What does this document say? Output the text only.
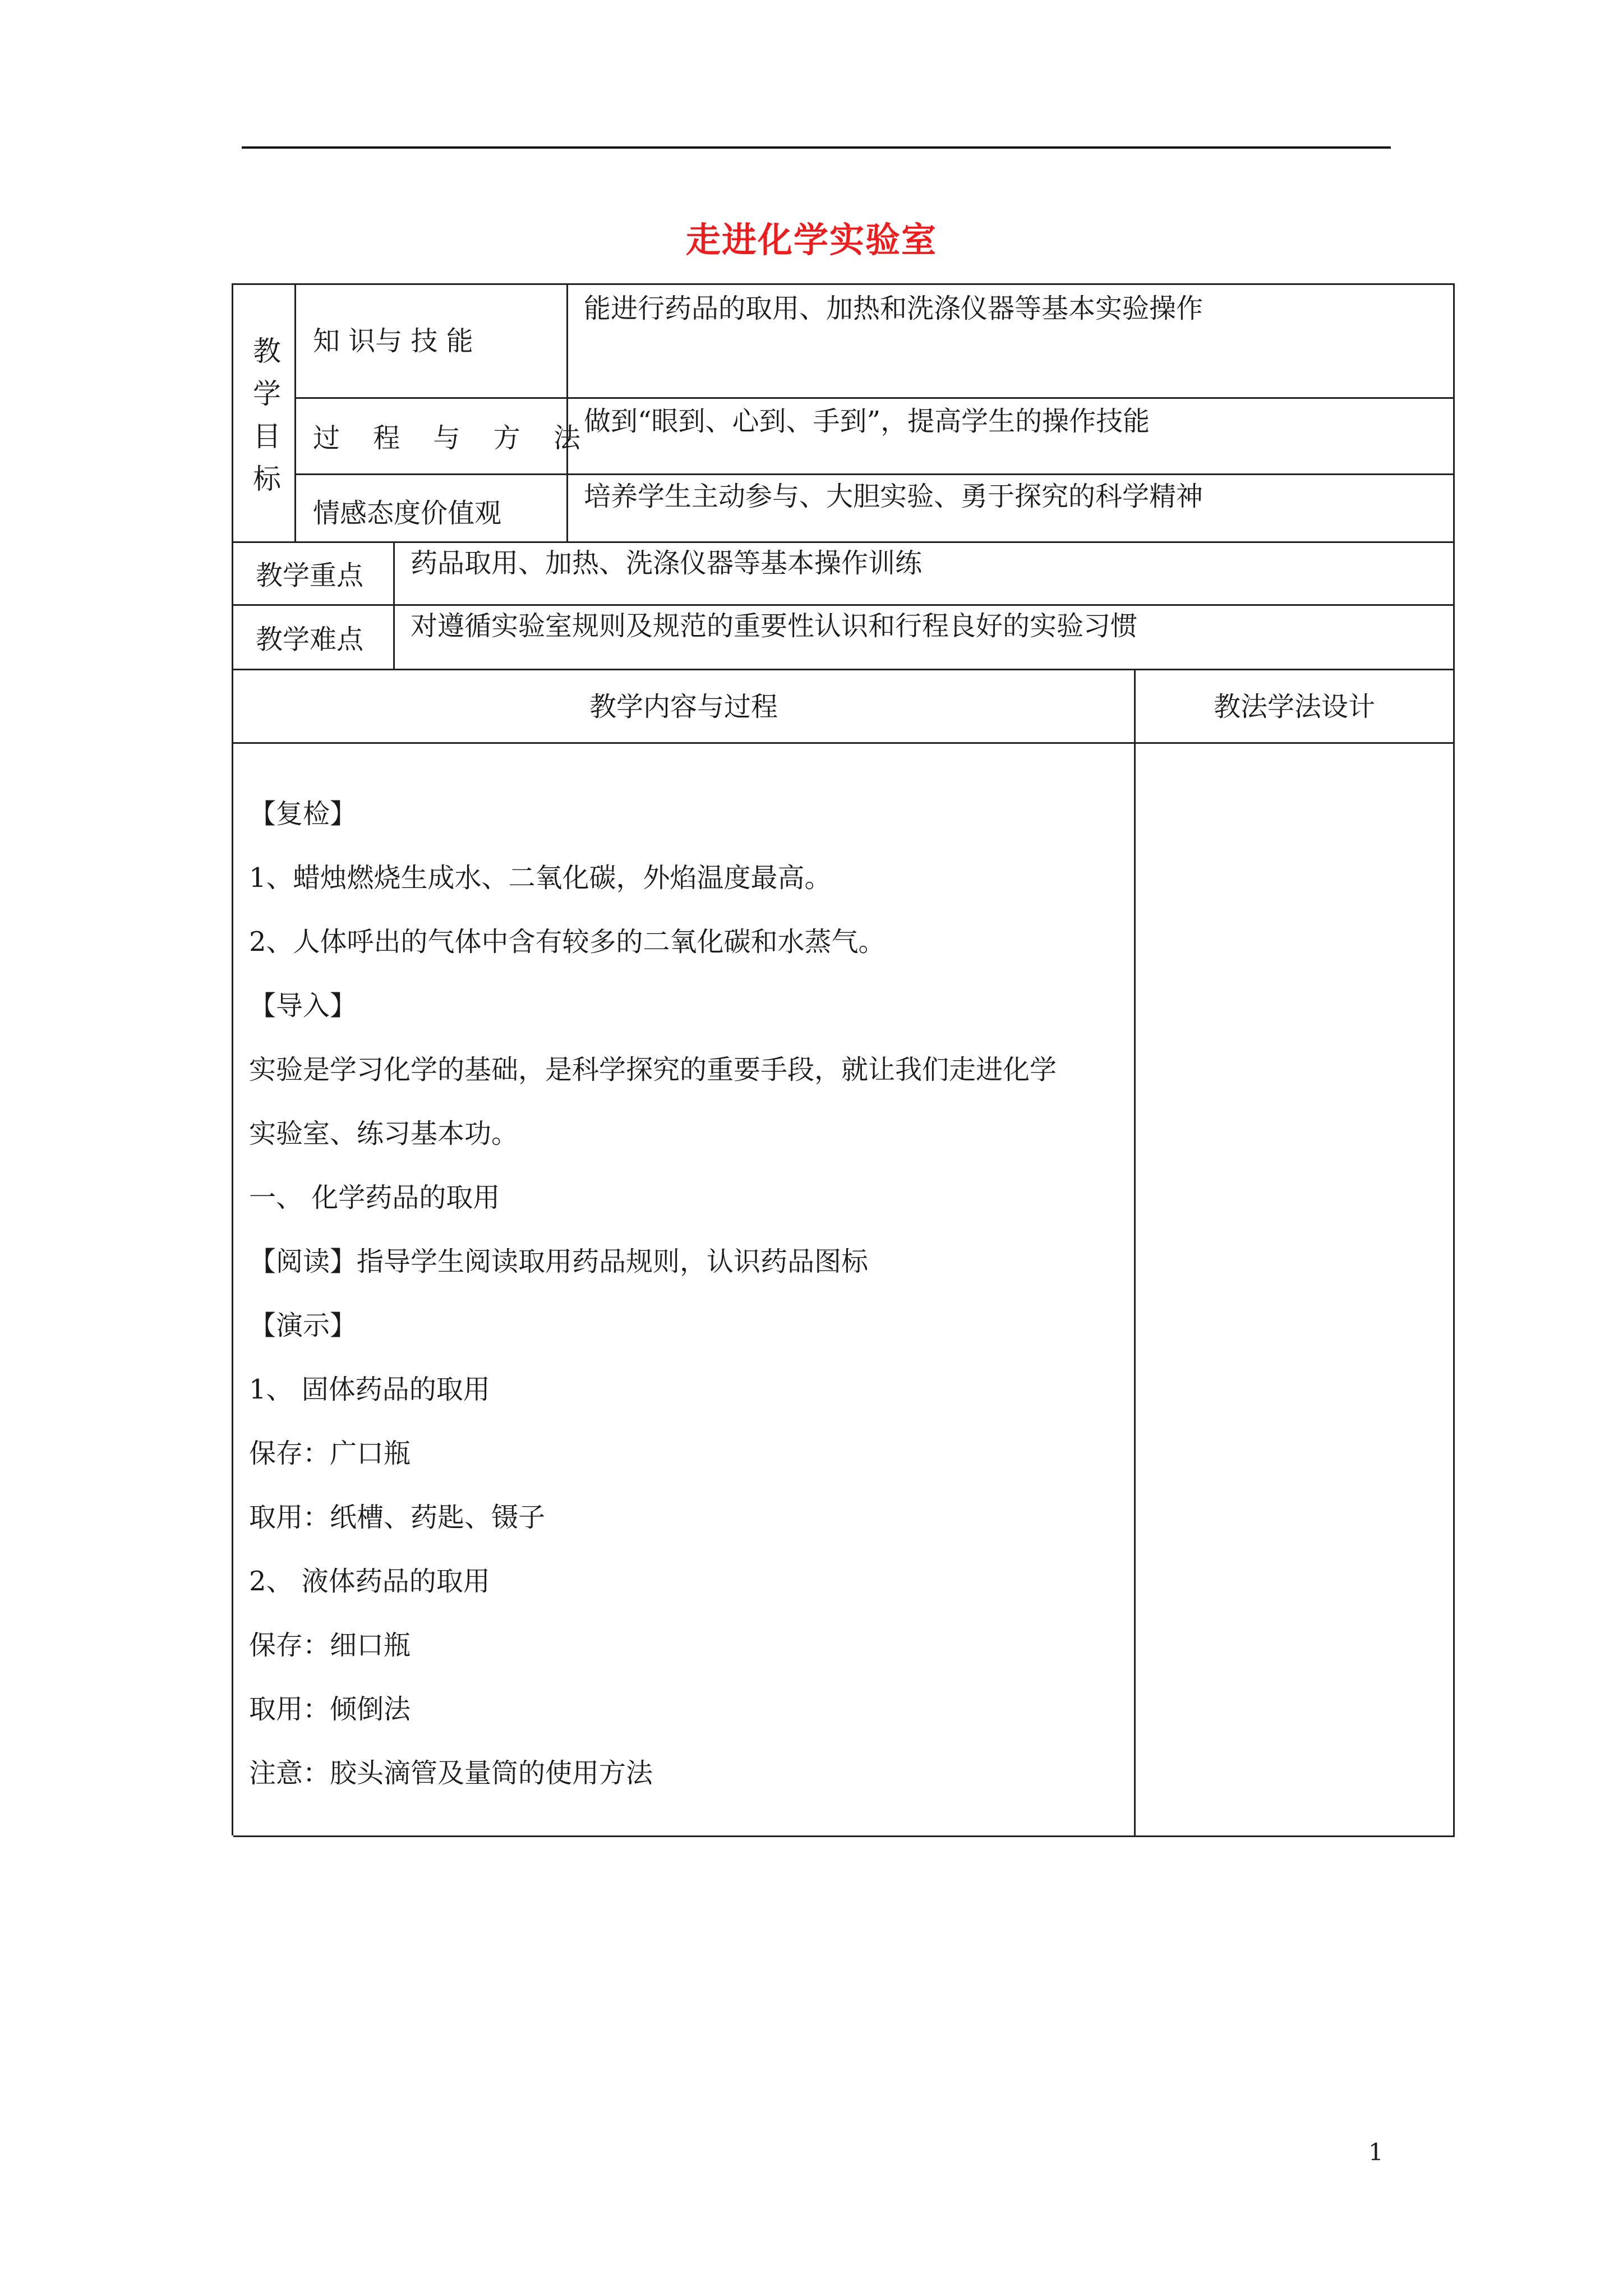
走进化学实验室
教学目标
知 识与 技 能
能进行药品的取用、加热和洗涤仪器等基本实验操作
过 程 与 方 法
做到“眼到、心到、手到”，提高学生的操作技能
情感态度价值观
培养学生主动参与、大胆实验、勇于探究的科学精神
教学重点 药品取用、加热、洗涤仪器等基本操作训练
教学难点 对遵循实验室规则及规范的重要性认识和行程良好的实验习惯
教学内容与过程	教法学法设计
【复检】
1、蜡烛燃烧生成水、二氧化碳，外焰温度最高。
2、人体呼出的气体中含有较多的二氧化碳和水蒸气。
【导入】
实验是学习化学的基础，是科学探究的重要手段，就让我们走进化学
实验室、练习基本功。
一、 化学药品的取用
【阅读】指导学生阅读取用药品规则，认识药品图标
【演示】
1、 固体药品的取用
保存：广口瓶
取用：纸槽、药匙、镊子
2、 液体药品的取用
保存：细口瓶
取用：倾倒法
注意：胶头滴管及量筒的使用方法
1
